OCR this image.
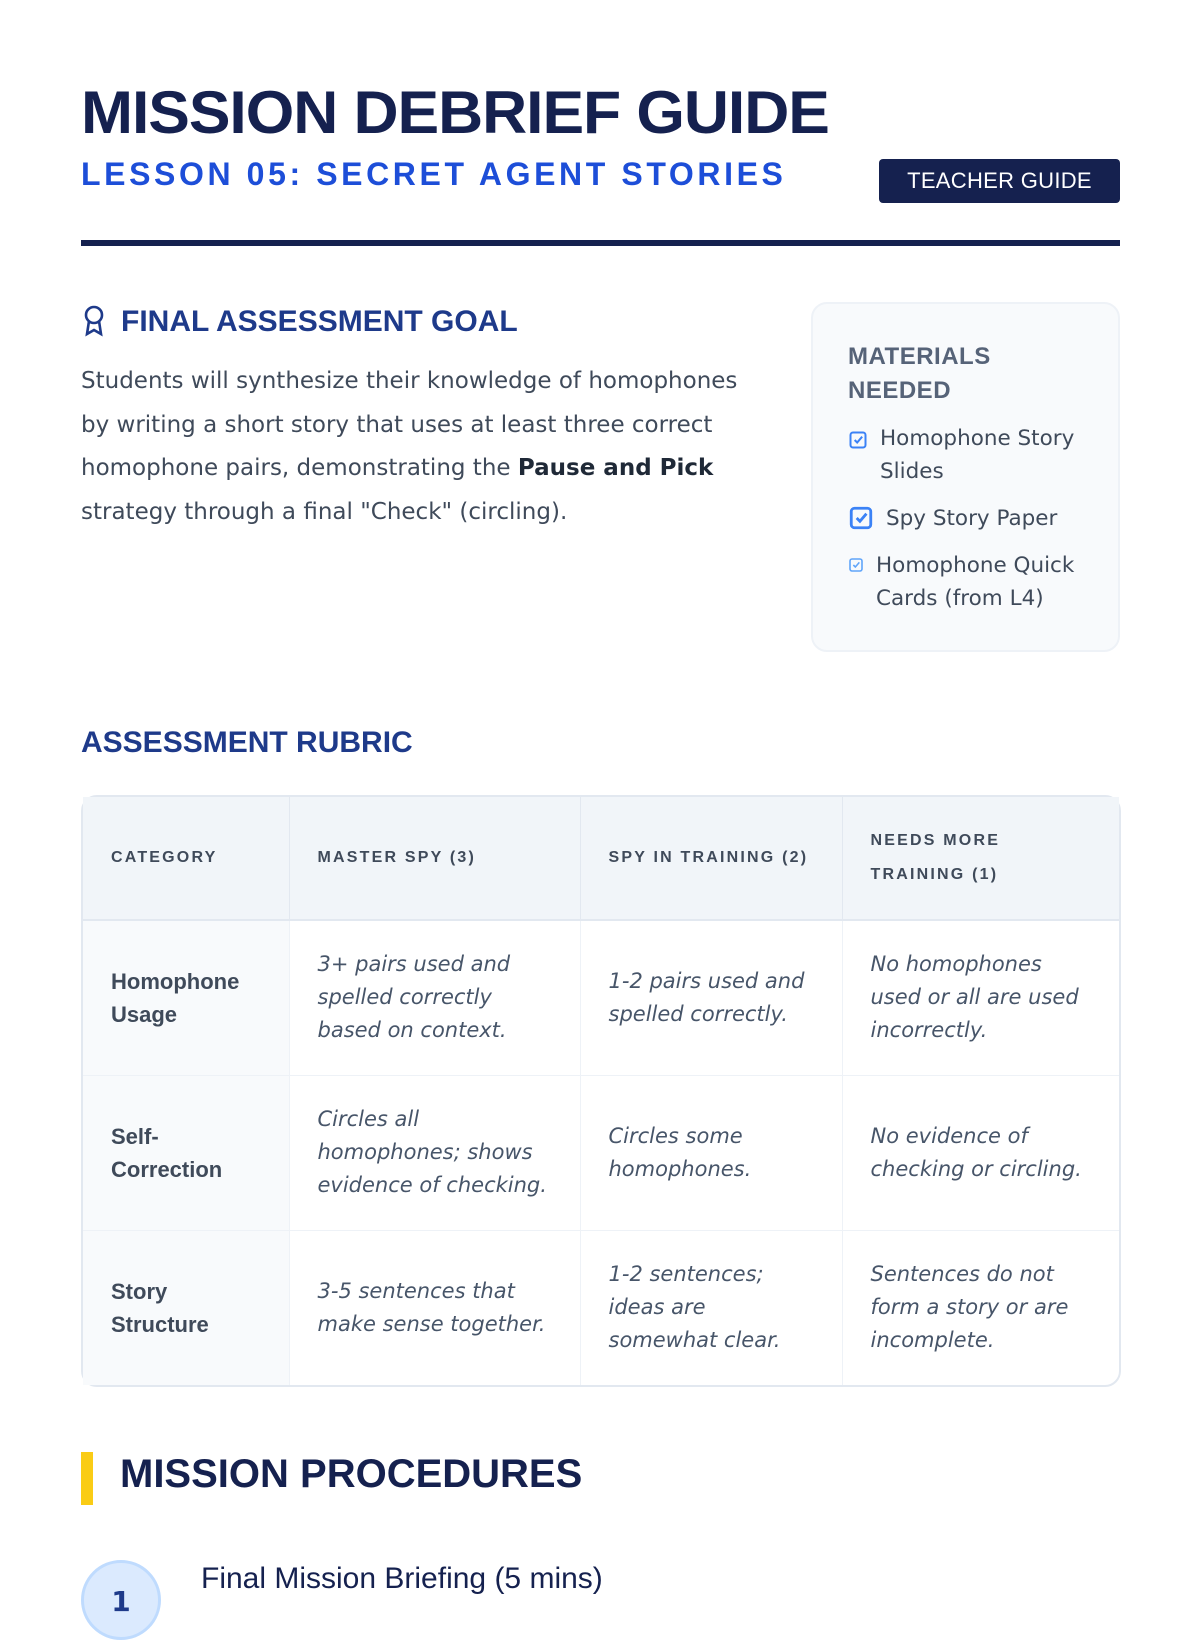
MISSION DEBRIEF GUIDE
LESSON 05: SECRET AGENT STORIES	TEACHER GUIDE
FINAL ASSESSMENT GOAL

Students will synthesize their knowledge of homophones by writing a short story that uses at least three correct homophone pairs, demonstrating the Pause and Pick strategy through a final "Check" (circling).

MATERIALS NEEDED
Homophone Story Slides
Spy Story Paper
Homophone Quick Cards (from L4)
ASSESSMENT RUBRIC
CATEGORY	MASTER SPY (3)	SPY IN TRAINING (2)	NEEDS MORE TRAINING (1)
Homophone Usage	3+ pairs used and spelled correctly based on context.	1-2 pairs used and spelled correctly.	No homophones used or all are used incorrectly.
Self-Correction	Circles all homophones; shows evidence of checking.	Circles some homophones.	No evidence of checking or circling.
Story Structure	3-5 sentences that make sense together.	1-2 sentences; ideas are somewhat clear.	Sentences do not form a story or are incomplete.
MISSION PROCEDURES
1
Final Mission Briefing (5 mins)
